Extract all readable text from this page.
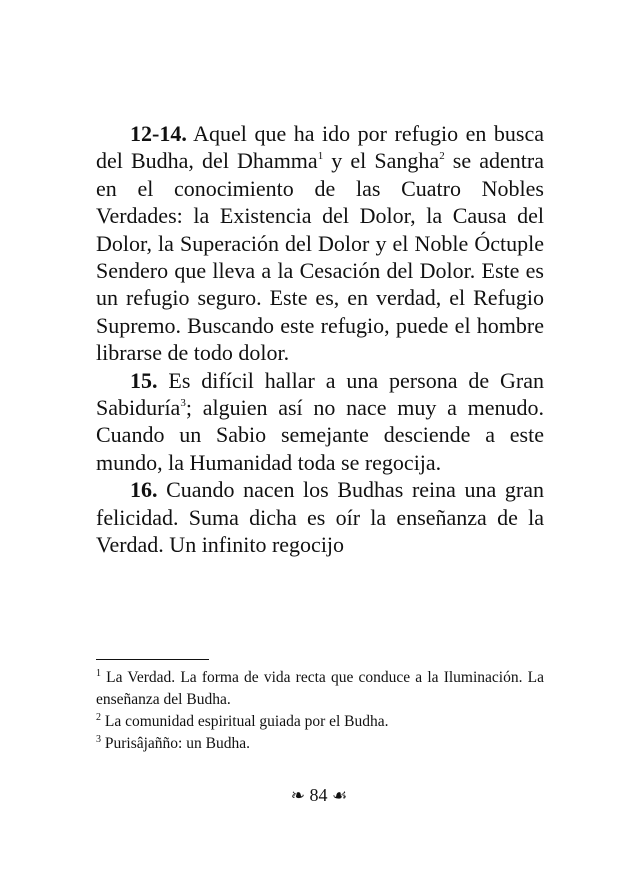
12-14. Aquel que ha ido por refugio en busca del Budha, del Dhamma$^1$ y el Sangha$^2$ se adentra en el conocimiento de las Cuatro Nobles Verdades: la Existencia del Dolor, la Causa del Dolor, la Superación del Dolor y el Noble Óctuple Sendero que lleva a la Cesación del Dolor. Este es un refugio seguro. Este es, en verdad, el Refugio Supremo. Buscando este refugio, puede el hombre librarse de todo dolor.

15. Es difícil hallar a una persona de Gran Sabiduría$^3$; alguien así no nace muy a menudo. Cuando un Sabio semejante desciende a este mundo, la Humanidad toda se regocija.

16. Cuando nacen los Budhas reina una gran felicidad. Suma dicha es oír la enseñanza de la Verdad. Un infinito regocijo

$^1$ La Verdad. La forma de vida recta que conduce a la Iluminación. La enseñanza del Budha.

$^2$ La comunidad espiritual guiada por el Budha.

$^3$ Purisâjaññо: un Budha.

❧ 84 ☙
